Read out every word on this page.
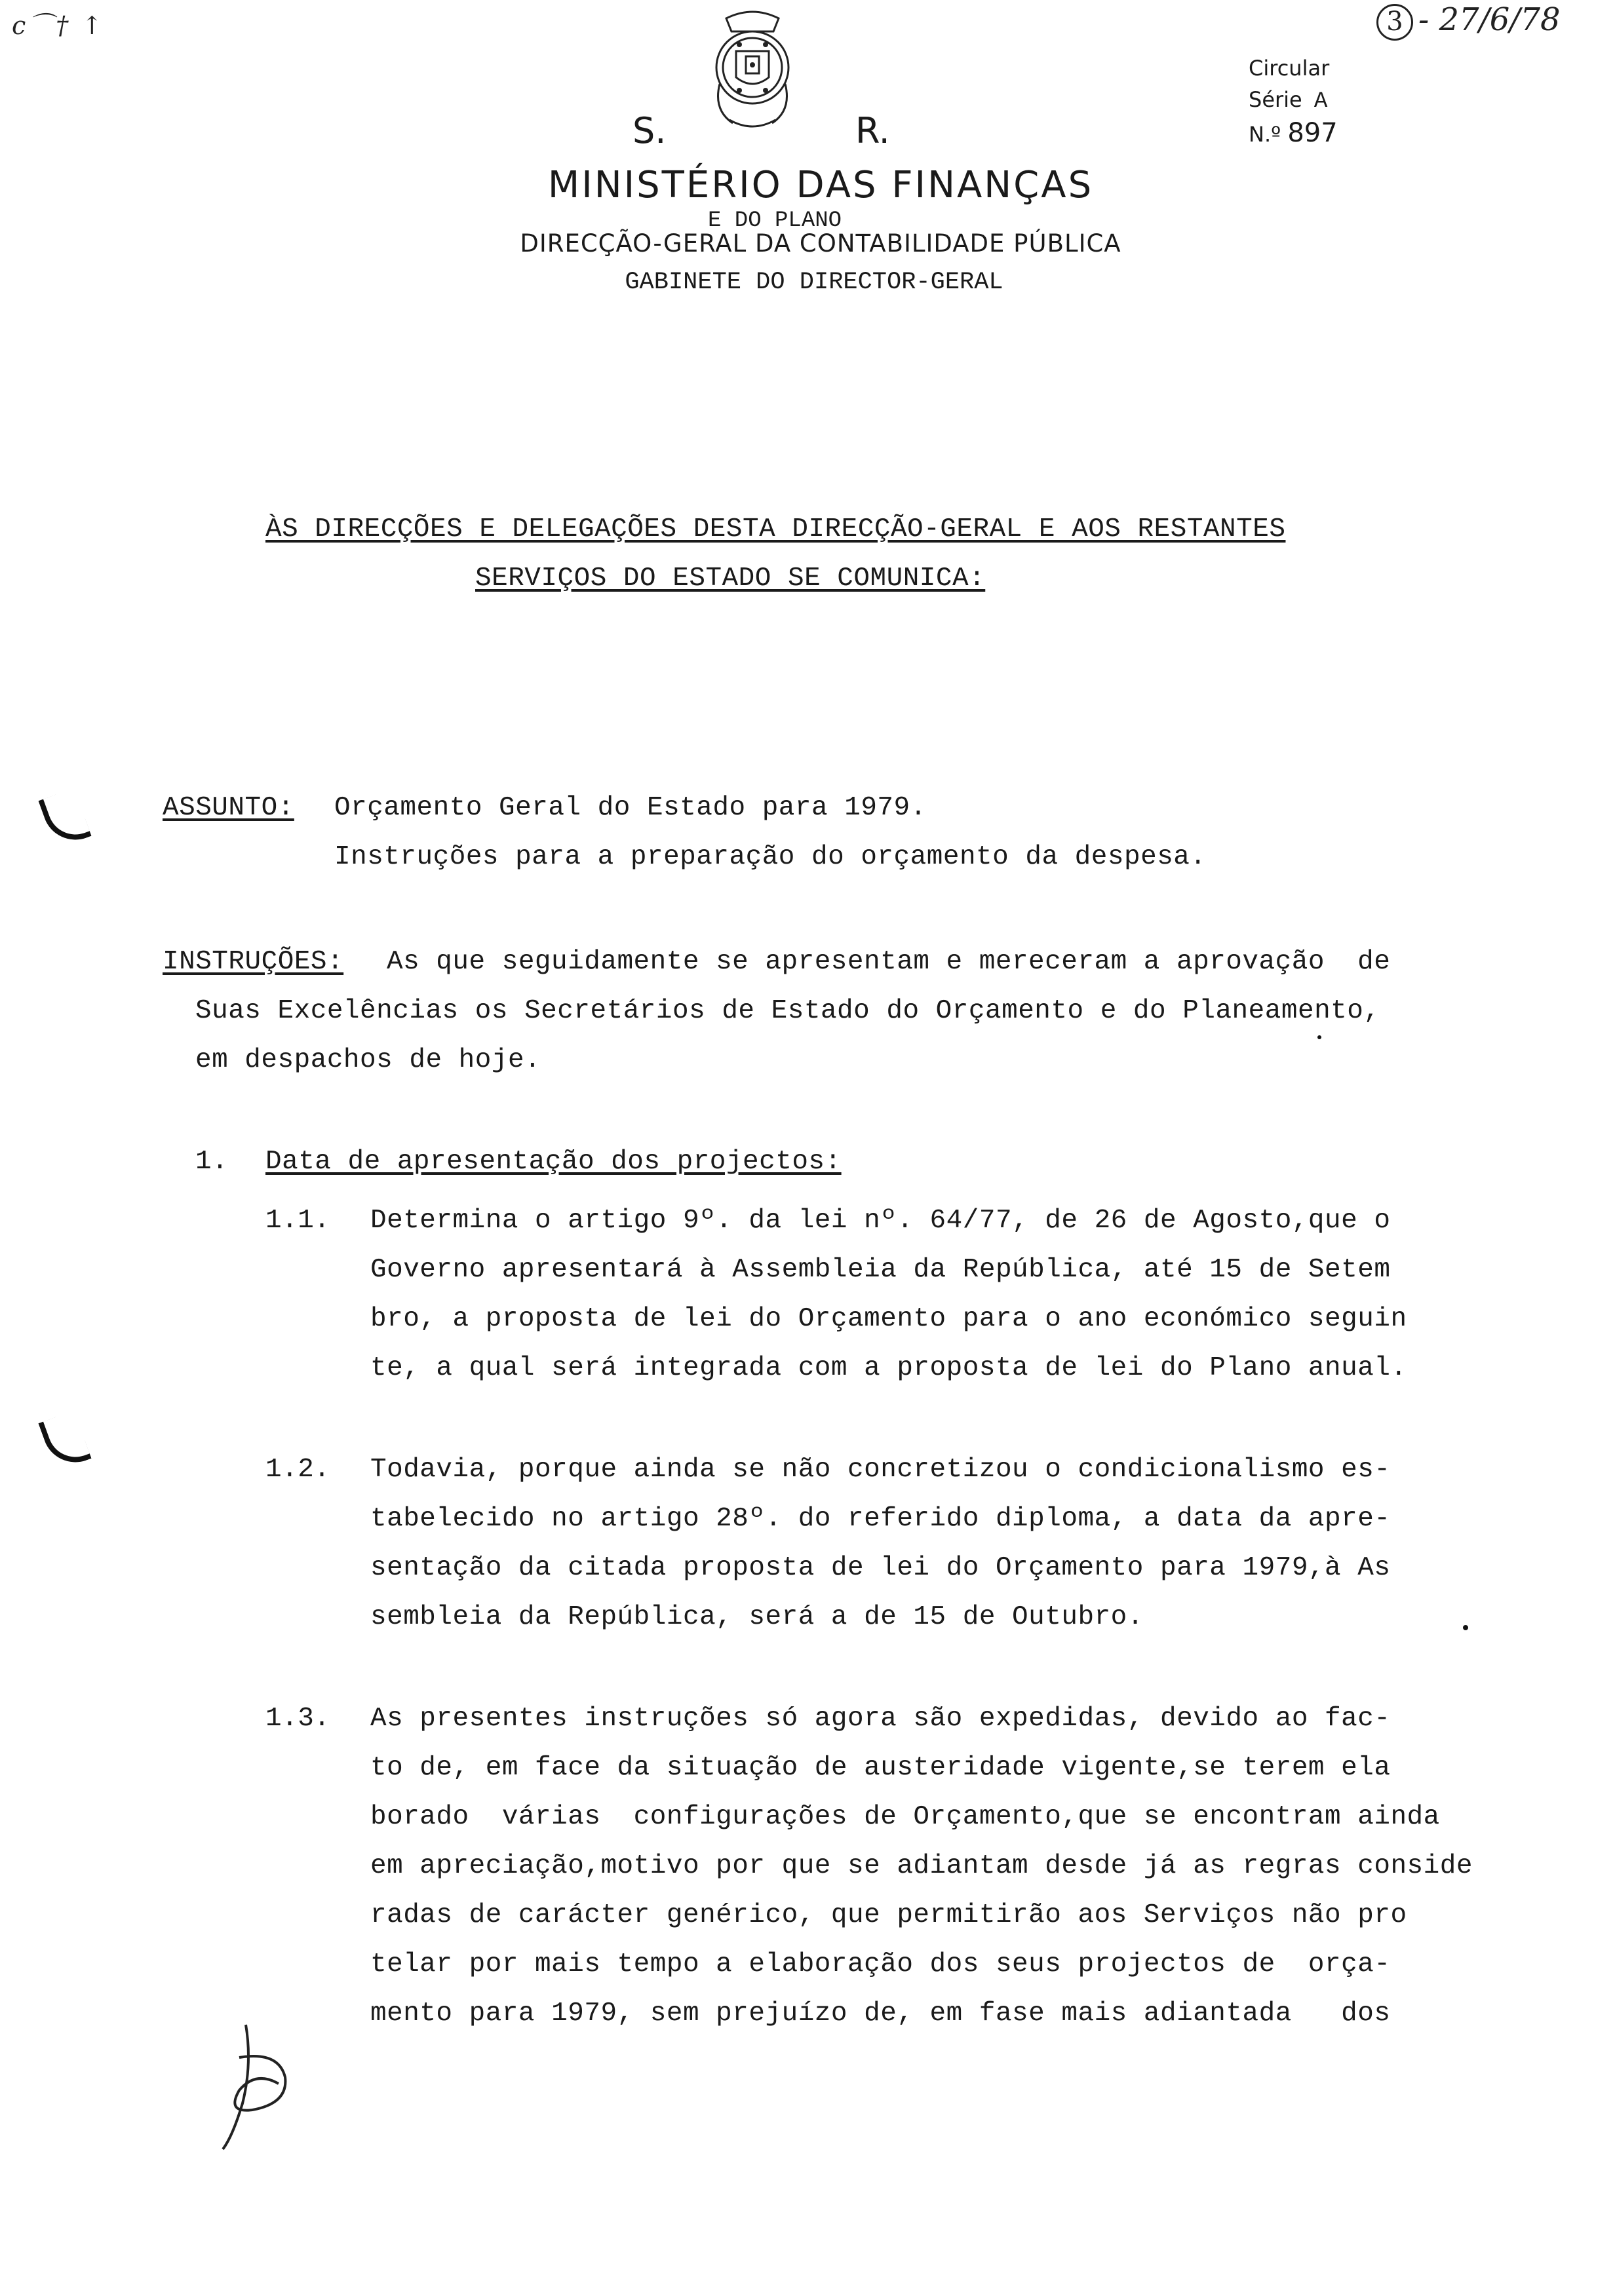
c⌒† ↑
S.	R.
MINISTÉRIO DAS FINANÇAS
E DO PLANO
DIRECÇÃO-GERAL DA CONTABILIDADE PÚBLICA
GABINETE DO DIRECTOR-GERAL
Circular
Série A
N.º 897
3 - 27/6/78
ÀS DIRECÇÕES E DELEGAÇÕES DESTA DIRECÇÃO-GERAL E AOS RESTANTES
SERVIÇOS DO ESTADO SE COMUNICA:
ASSUNTO: Orçamento Geral do Estado para 1979.
Instruções para a preparação do orçamento da despesa.
INSTRUÇÕES: As que seguidamente se apresentam e mereceram a aprovação  de
Suas Excelências os Secretários de Estado do Orçamento e do Planeamento,
em despachos de hoje.
1. Data de apresentação dos projectos:
1.1. Determina o artigo 9º. da lei nº. 64/77, de 26 de Agosto,que o
Governo apresentará à Assembleia da República, até 15 de Setem
bro, a proposta de lei do Orçamento para o ano económico seguin
te, a qual será integrada com a proposta de lei do Plano anual.
1.2. Todavia, porque ainda se não concretizou o condicionalismo es-
tabelecido no artigo 28º. do referido diploma, a data da apre-
sentação da citada proposta de lei do Orçamento para 1979,à As
sembleia da República, será a de 15 de Outubro.
1.3. As presentes instruções só agora são expedidas, devido ao fac-
to de, em face da situação de austeridade vigente,se terem ela
borado  várias  configurações de Orçamento,que se encontram ainda
em apreciação,motivo por que se adiantam desde já as regras conside
radas de carácter genérico, que permitirão aos Serviços não pro
telar por mais tempo a elaboração dos seus projectos de  orça-
mento para 1979, sem prejuízo de, em fase mais adiantada   dos
